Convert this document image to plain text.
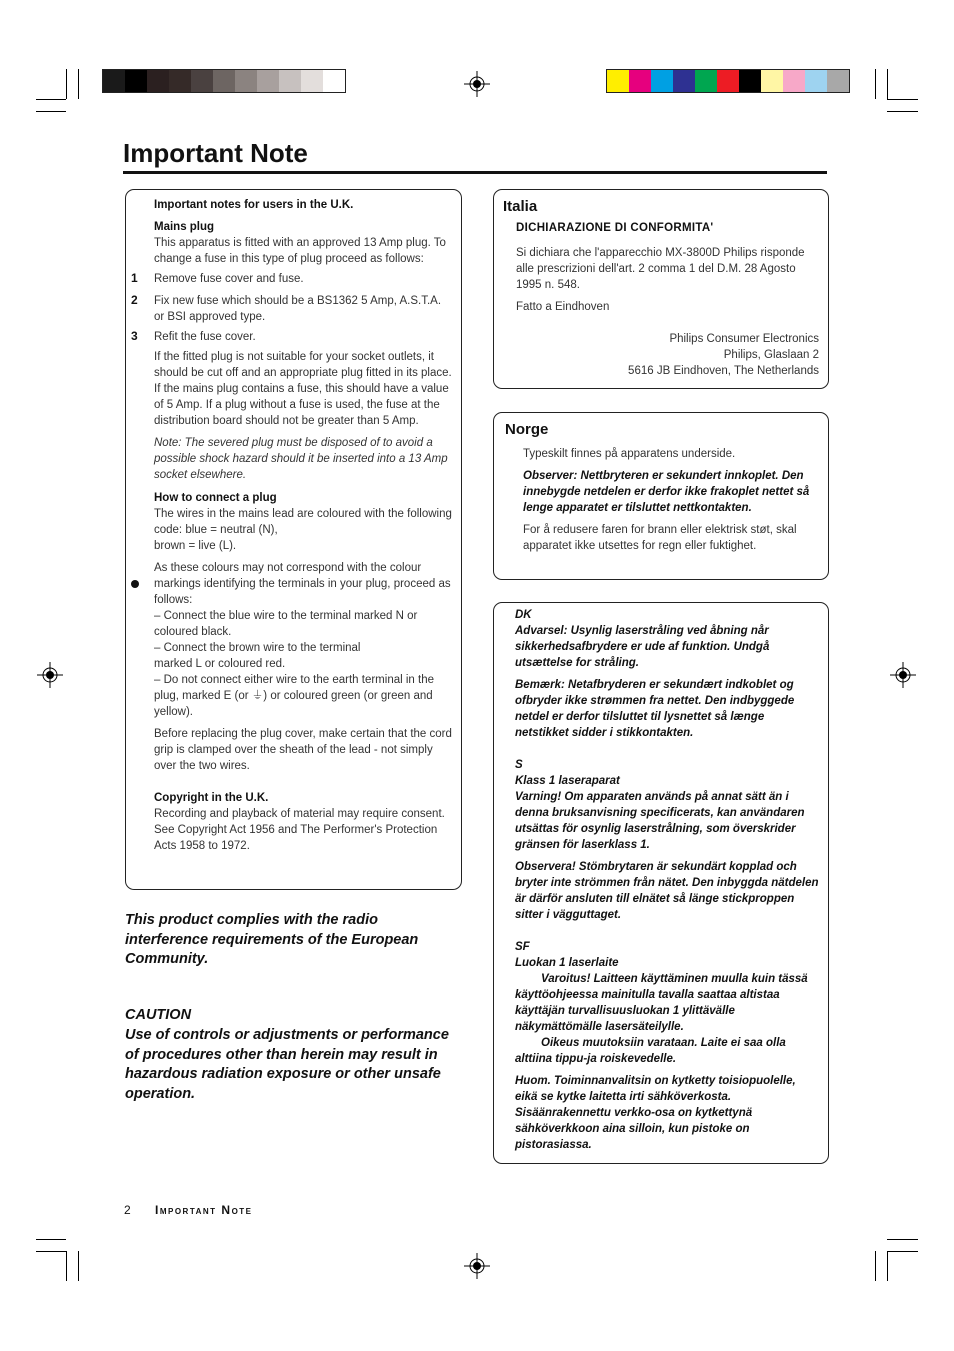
Important Note

Important notes for users in the U.K.

Mains plug

This apparatus is fitted with an approved 13 Amp plug. To change a fuse in this type of plug proceed as follows:

Remove fuse cover and fuse.

Fix new fuse which should be a BS1362 5 Amp, A.S.T.A. or BSI approved type.

Refit the fuse cover.

If the fitted plug is not suitable for your socket outlets, it should be cut off and an appropriate plug fitted in its place.

If the mains plug contains a fuse, this should have a value of 5 Amp. If a plug without a fuse is used, the fuse at the distribution board should not be greater than 5 Amp.

Note: The severed plug must be disposed of to avoid a possible shock hazard should it be inserted into a 13 Amp socket elsewhere.

How to connect a plug

The wires in the mains lead are coloured with the following code: blue = neutral (N),

brown = live (L).

As these colours may not correspond with the colour markings identifying the terminals in your plug, proceed as follows:

– Connect the blue wire to the terminal marked N or coloured black.

– Connect the brown wire to the terminal

marked L or coloured red.

– Do not connect either wire to the earth terminal in the plug, marked E (or ⏚) or coloured green (or green and yellow).

Before replacing the plug cover, make certain that the cord grip is clamped over the sheath of the lead - not simply over the two wires.

Copyright in the U.K.

Recording and playback of material may require consent. See Copyright Act 1956 and The Performer's Protection Acts 1958 to 1972.

1
2
3
This product complies with the radio interference requirements of the European Community.
CAUTION
Use of controls or adjustments or performance of procedures other than herein may result in hazardous radiation exposure or other unsafe operation.
Italia
DICHIARAZIONE DI CONFORMITA'
Si dichiara che l'apparecchio MX-3800D Philips risponde alle prescrizioni dell'art. 2 comma 1 del D.M. 28 Agosto 1995 n. 548.
Fatto a Eindhoven

Philips Consumer Electronics

Philips, Glaslaan 2

5616 JB Eindhoven, The Netherlands

Norge

Typeskilt finnes på apparatens underside.

Observer: Nettbryteren er sekundert innkoplet. Den innebygde netdelen er derfor ikke frakoplet nettet så lenge apparatet er tilsluttet nettkontakten.

For å redusere faren for brann eller elektrisk støt, skal apparatet ikke utsettes for regn eller fuktighet.

DK

Advarsel: Usynlig laserstråling ved åbning når sikkerhedsafbrydere er ude af funktion. Undgå utsættelse for stråling.

Bemærk: Netafbryderen er sekundært indkoblet og ofbryder ikke strømmen fra nettet. Den indbyggede netdel er derfor tilsluttet til lysnettet så længe netstikket sidder i stikkontakten.

S

Klass 1 laseraparat

Varning! Om apparaten används på annat sätt än i denna bruksanvisning specificerats, kan användaren utsättas för osynlig laserstrålning, som överskrider gränsen för laserklass 1.

Observera! Stömbrytaren är sekundärt kopplad och bryter inte strömmen från nätet. Den inbyggda nätdelen är därför ansluten till elnätet så länge stickproppen sitter i vägguttaget.

SF

Luokan 1 laserlaite

Varoitus! Laitteen käyttäminen muulla kuin tässä käyttöohjeessa mainitulla tavalla saattaa altistaa käyttäjän turvallisuusluokan 1 ylittävälle näkymättömälle lasersäteilylle.

Oikeus muutoksiin varataan. Laite ei saa olla alttiina tippu-ja roiskevedelle.

Huom. Toiminnanvalitsin on kytketty toisiopuolelle, eikä se kytke laitetta irti sähköverkosta. Sisäänrakennettu verkko-osa on kytkettynä sähköverkkoon aina silloin, kun pistoke on pistorasiassa.

2 Important Note
